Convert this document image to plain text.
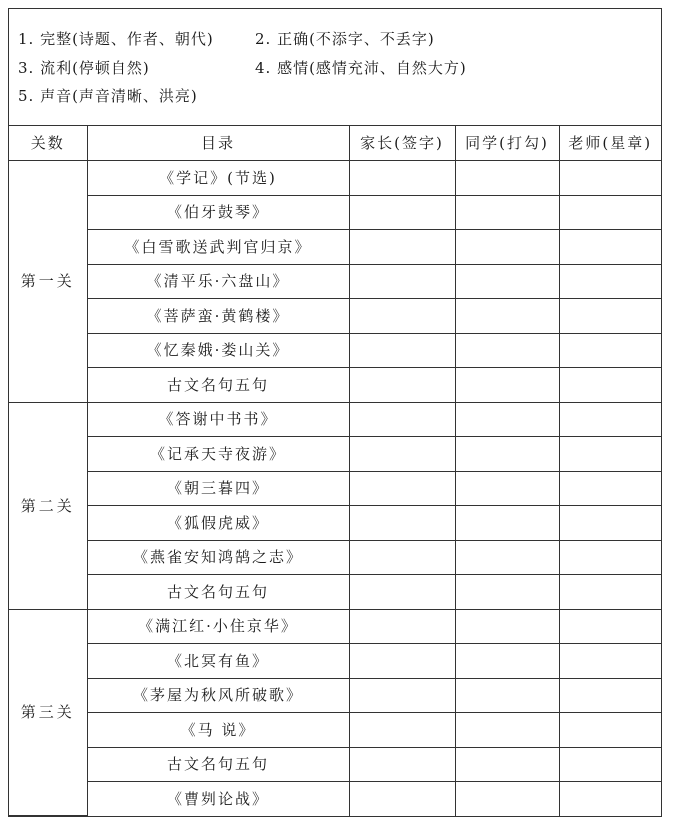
1. 完整(诗题、作者、朝代)	2. 正确(不添字、不丢字)
3. 流利(停顿自然)	4. 感情(感情充沛、自然大方)
5. 声音(声音清晰、洪亮)
关数	目录	家长(签字)	同学(打勾)	老师(星章)
第一关	《学记》(节选)			
	《伯牙鼓琴》			
	《白雪歌送武判官归京》			
	《清平乐·六盘山》			
	《菩萨蛮·黄鹤楼》			
	《忆秦娥·娄山关》			
	古文名句五句			
第二关	《答谢中书书》			
	《记承天寺夜游》			
	《朝三暮四》			
	《狐假虎威》			
	《燕雀安知鸿鹄之志》			
	古文名句五句			
第三关	《满江红·小住京华》			
	《北冥有鱼》			
	《茅屋为秋风所破歌》			
	《马 说》			
	古文名句五句			
	《曹刿论战》			
